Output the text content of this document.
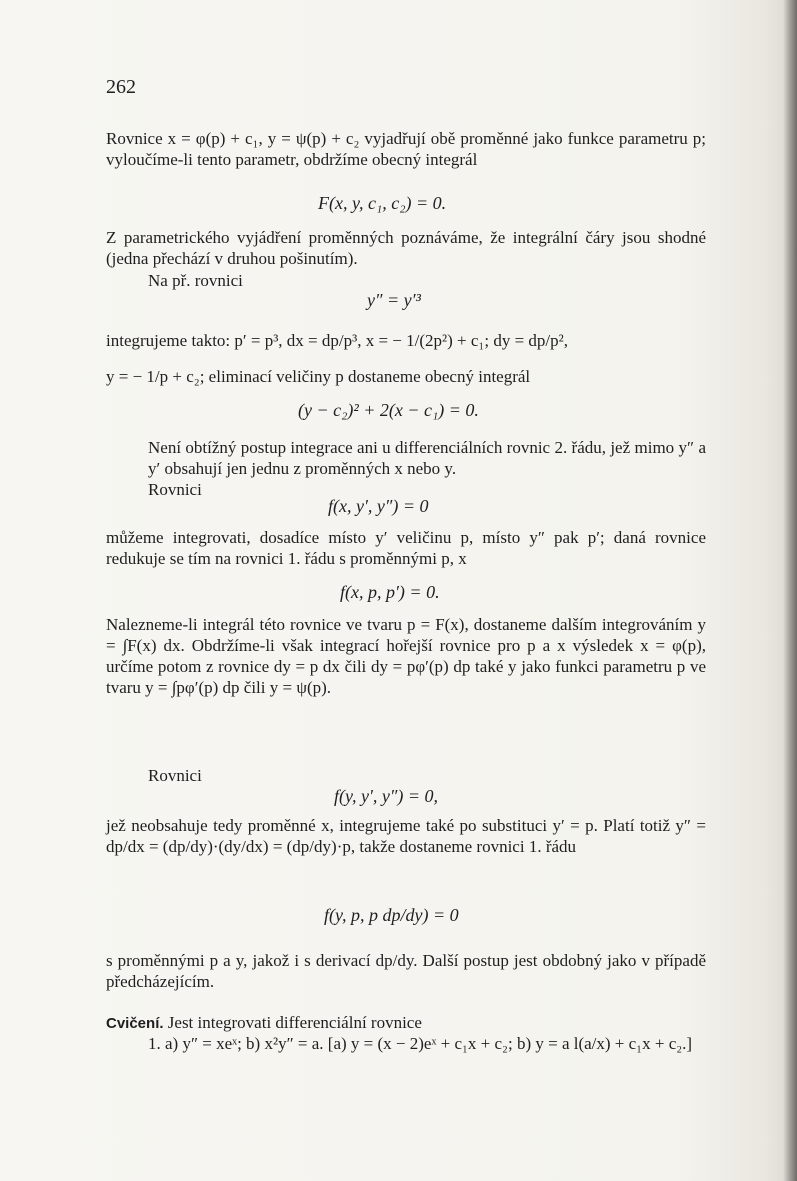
262
Rovnice x = φ(p) + c₁, y = ψ(p) + c₂ vyjadřují obě proměnné jako funkce parametru p; vyloučíme-li tento parametr, obdržíme obecný integrál
F(x, y, c₁, c₂) = 0.
Z parametrického vyjádření proměnných poznáváme, že integrální čáry jsou shodné (jedna přechází v druhou pošinutím).
Na př. rovnici
y″ = y′³
integrujeme takto: p′ = p³, dx = dp/p³, x = − 1/(2p²) + c₁; dy = dp/p²,
y = − 1/p + c₂; eliminací veličiny p dostaneme obecný integrál
(y − c₂)² + 2(x − c₁) = 0.
Není obtížný postup integrace ani u differenciálních rovnic 2. řádu, jež mimo y″ a y′ obsahují jen jednu z proměnných x nebo y.
Rovnici
f(x, y′, y″) = 0
můžeme integrovati, dosadíce místo y′ veličinu p, místo y″ pak p′; daná rovnice redukuje se tím na rovnici 1. řádu s proměnnými p, x
f(x, p, p′) = 0.
Nalezneme-li integrál této rovnice ve tvaru p = F(x), dostaneme dalším integrováním y = ∫F(x) dx. Obdržíme-li však integrací hořejší rovnice pro p a x výsledek x = φ(p), určíme potom z rovnice dy = p dx čili dy = pφ′(p) dp také y jako funkci parametru p ve tvaru y = ∫pφ′(p) dp čili y = ψ(p).
Rovnici
f(y, y′, y″) = 0,
jež neobsahuje tedy proměnné x, integrujeme také po substituci y′ = p. Platí totiž y″ = dp/dx = (dp/dy)·(dy/dx) = (dp/dy)·p, takže dostaneme rovnici 1. řádu
f(y, p, p dp/dy) = 0
s proměnnými p a y, jakož i s derivací dp/dy. Další postup jest obdobný jako v případě předcházejícím.
Cvičení. Jest integrovati differenciální rovnice
1. a) y″ = xeˣ; b) x²y″ = a. [a) y = (x − 2)eˣ + c₁x + c₂; b) y = a l(a/x) + c₁x + c₂.]
